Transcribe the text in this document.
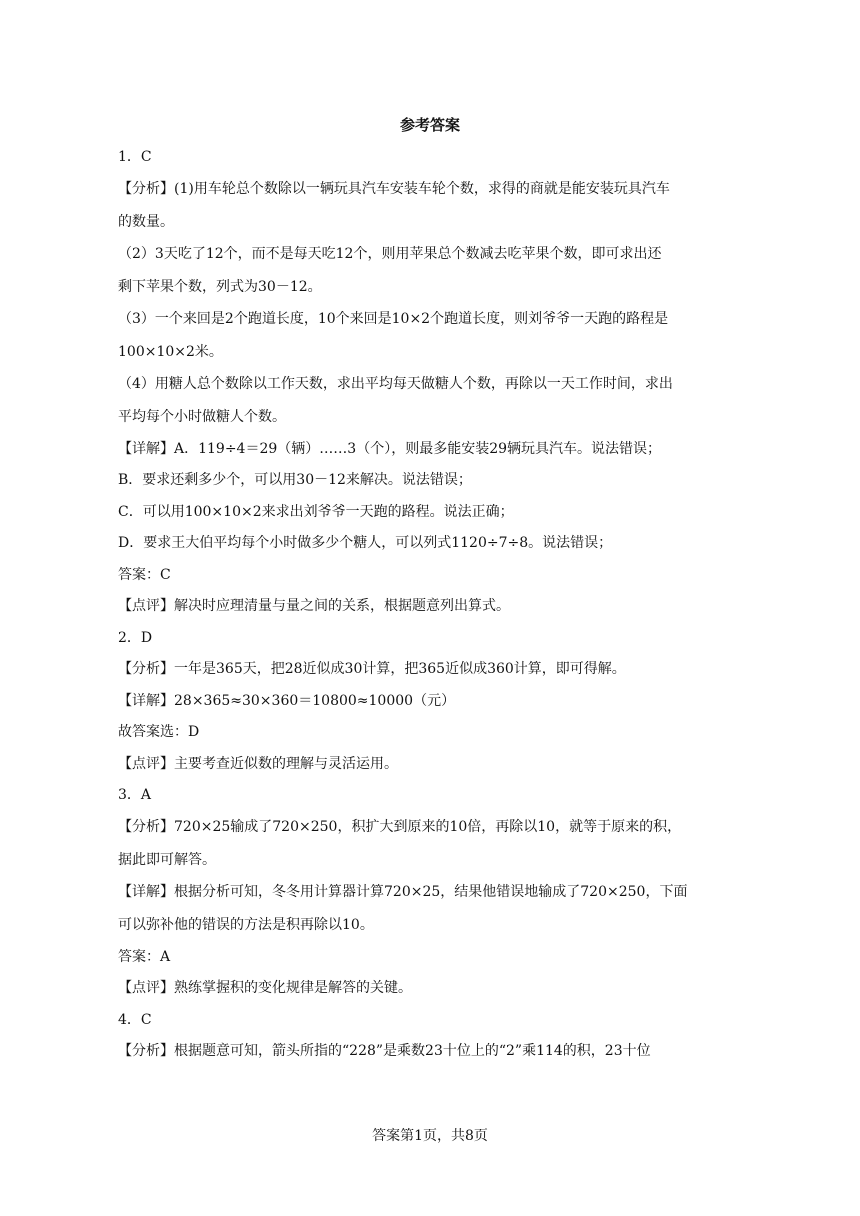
参考答案
1．C
【分析】(1)用车轮总个数除以一辆玩具汽车安装车轮个数，求得的商就是能安装玩具汽车
的数量。
（2）3天吃了12个，而不是每天吃12个，则用苹果总个数减去吃苹果个数，即可求出还
剩下苹果个数，列式为30－12。
（3）一个来回是2个跑道长度，10个来回是10×2个跑道长度，则刘爷爷一天跑的路程是
100×10×2米。
（4）用糖人总个数除以工作天数，求出平均每天做糖人个数，再除以一天工作时间，求出
平均每个小时做糖人个数。
【详解】A．119÷4＝29（辆）……3（个），则最多能安装29辆玩具汽车。说法错误；
B．要求还剩多少个，可以用30－12来解决。说法错误；
C．可以用100×10×2来求出刘爷爷一天跑的路程。说法正确；
D．要求王大伯平均每个小时做多少个糖人，可以列式1120÷7÷8。说法错误；
答案：C
【点评】解决时应理清量与量之间的关系，根据题意列出算式。
2．D
【分析】一年是365天，把28近似成30计算，把365近似成360计算，即可得解。
【详解】28×365≈30×360＝10800≈10000（元）
故答案选：D
【点评】主要考查近似数的理解与灵活运用。
3．A
【分析】720×25输成了720×250，积扩大到原来的10倍，再除以10，就等于原来的积，
据此即可解答。
【详解】根据分析可知，冬冬用计算器计算720×25，结果他错误地输成了720×250，下面
可以弥补他的错误的方法是积再除以10。
答案：A
【点评】熟练掌握积的变化规律是解答的关键。
4．C
【分析】根据题意可知，箭头所指的“228”是乘数23十位上的“2”乘114的积，23十位
答案第1页，共8页
